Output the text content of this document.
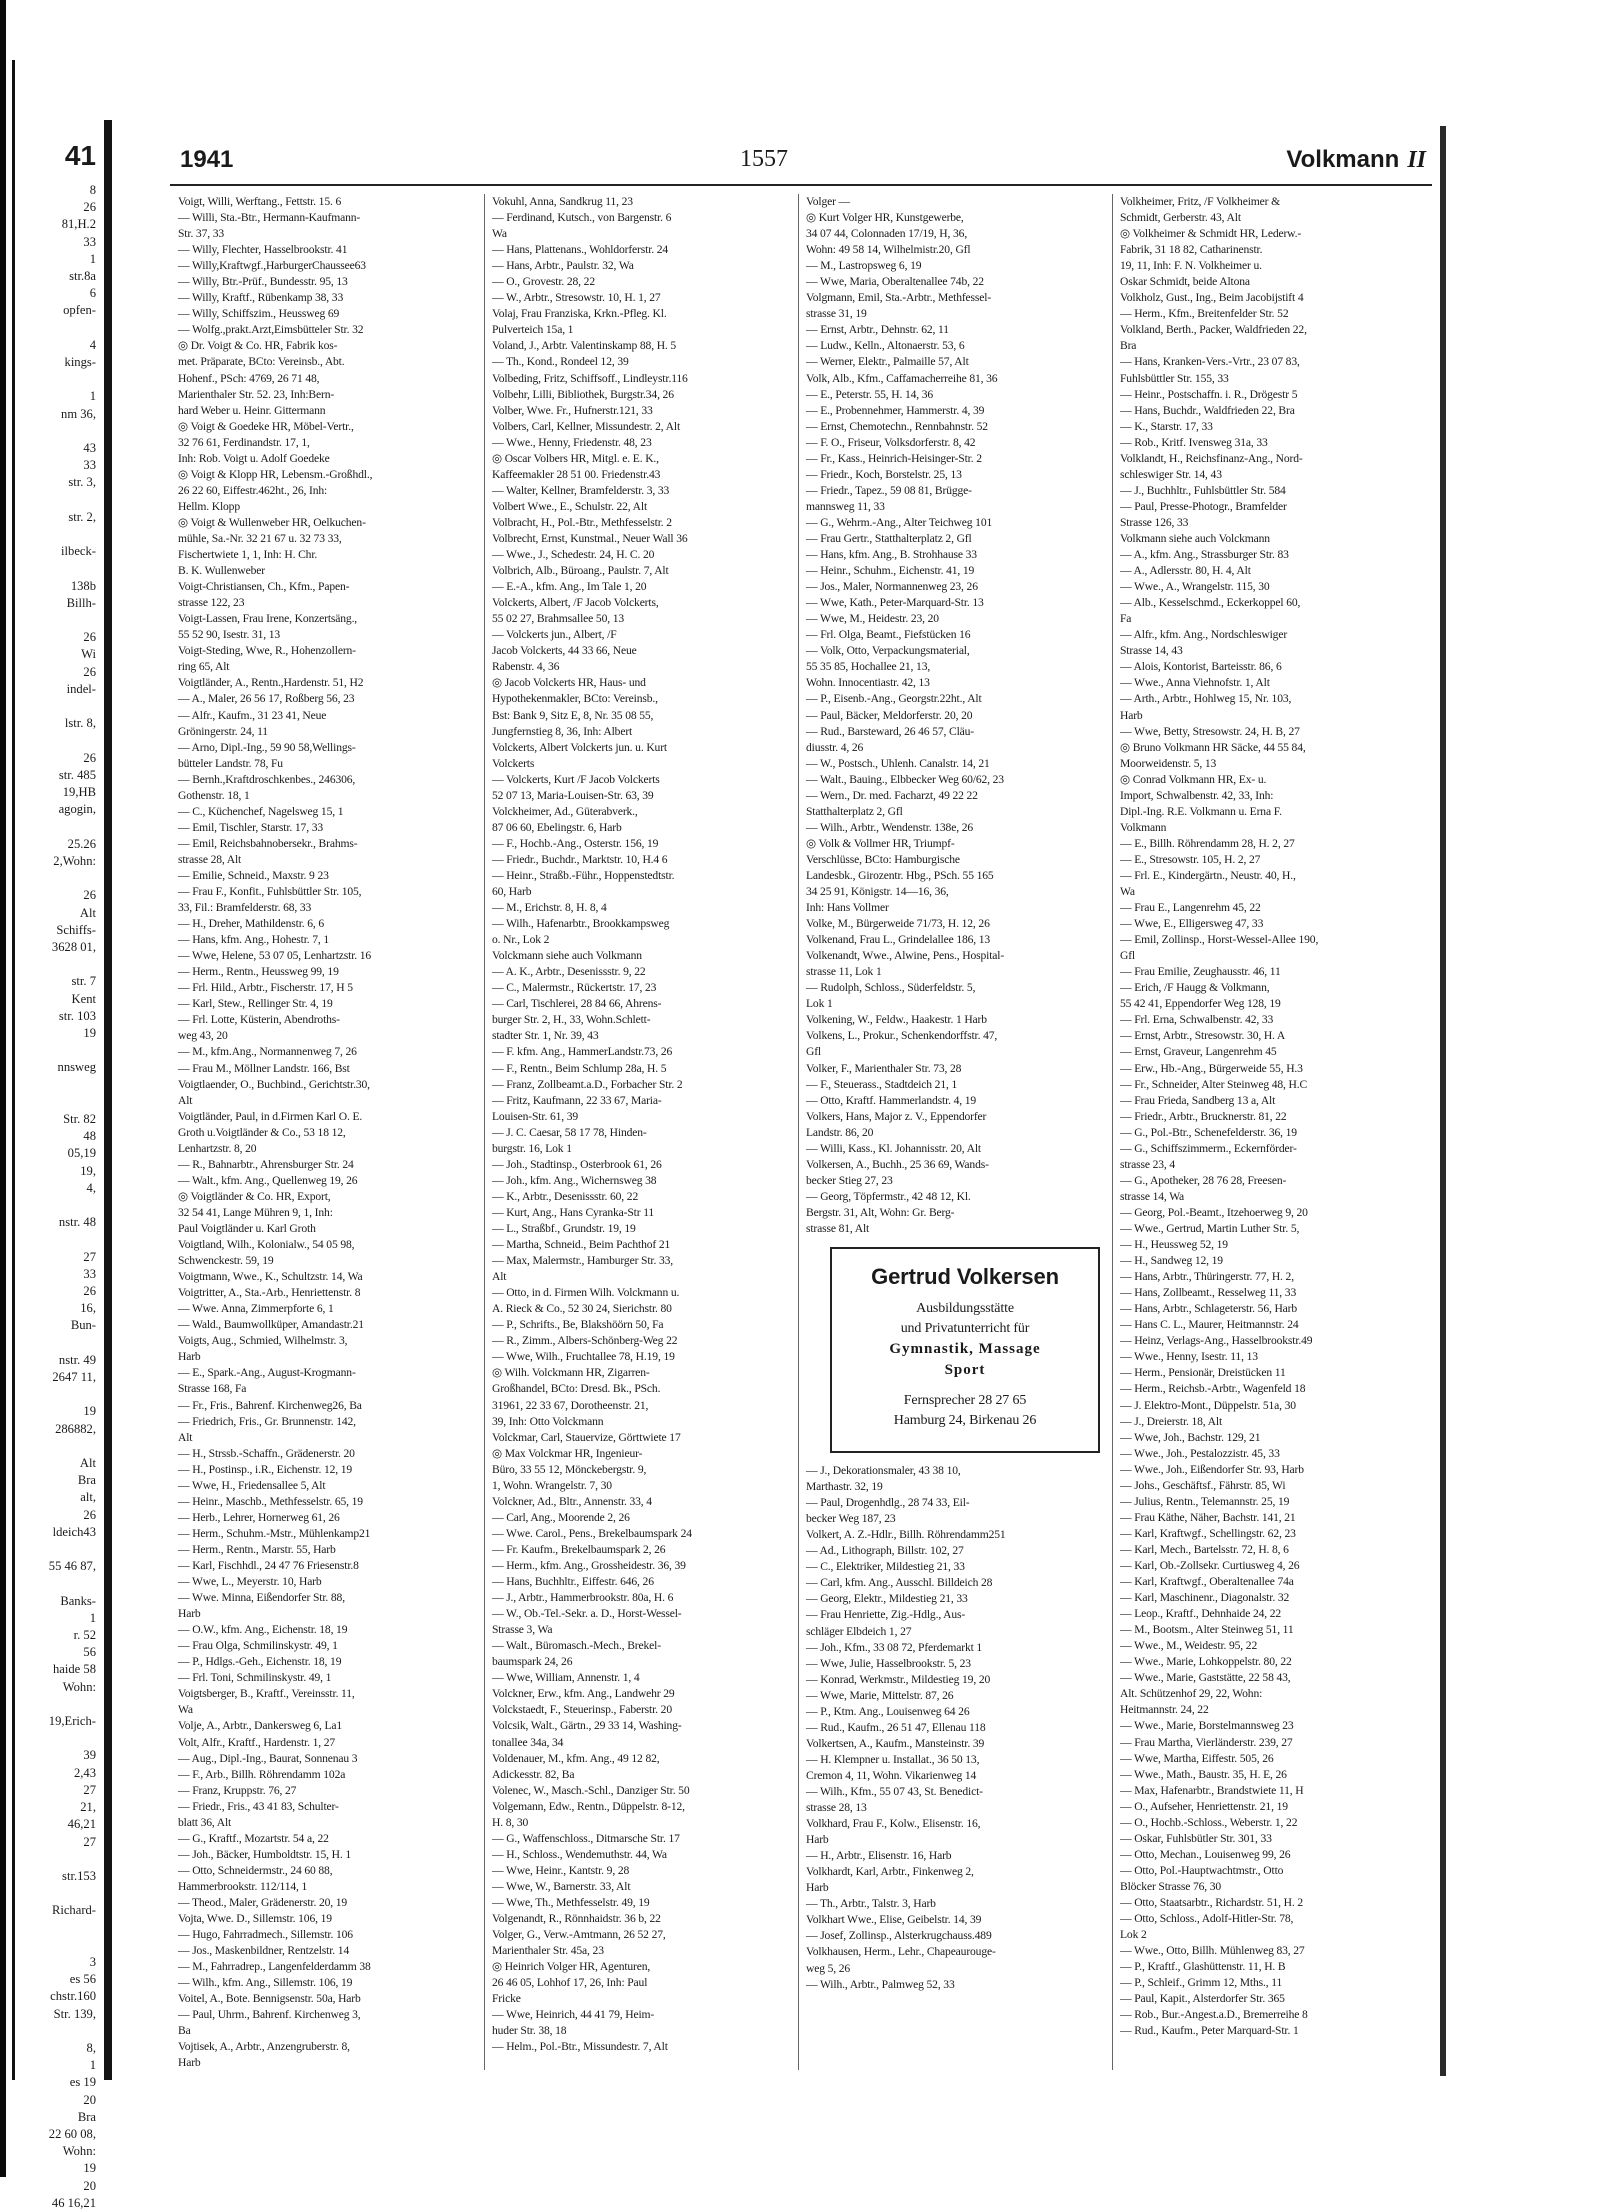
41
8
26
81,H.2
33
1
str.8a
6
opfen-

4
kings-

1
nm 36,

43
33
str. 3,

str. 2,

ilbeck-

138b
Billh-

26
Wi
26
indel-

lstr. 8,

26
str. 485
19,HB
agogin,

25.26
2,Wohn:

26
Alt
Schiffs-
3628 01,

str. 7
Kent
str. 103
19

nnsweg

Str. 82
48
05,19
19,
4,

nstr. 48

27
33
26
16,
Bun-

nstr. 49
2647 11,

19
286882,

Alt
Bra
alt,
26
ldeich43

55 46 87,

Banks-
1
r. 52
56
haide 58
Wohn:

19,Erich-

39
2,43
27
21,
46,21
27

str.153

Richard-

3
es 56
chstr.160
Str. 139,

8,
1
es 19
20
Bra
22 60 08,
Wohn:
19
20
46 16,21
1941	1557	Volkmann II
Voigt, Willi, Werftang., Fettstr. 15. 6
— Willi, Sta.-Btr., Hermann-Kaufmann-
Str. 37, 33
— Willy, Flechter, Hasselbrookstr. 41
— Willy,Kraftwgf.,HarburgerChaussee63
— Willy, Btr.-Prüf., Bundesstr. 95, 13
— Willy, Kraftf., Rübenkamp 38, 33
— Willy, Schiffszim., Heussweg 69
— Wolfg.,prakt.Arzt,Eimsbütteler Str. 32
◎ Dr. Voigt & Co. HR, Fabrik kos-
met. Präparate, BCto: Vereinsb., Abt.
Hohenf., PSch: 4769, 26 71 48,
Marienthaler Str. 52. 23, Inh:Bern-
hard Weber u. Heinr. Gittermann
◎ Voigt & Goedeke HR, Möbel-Vertr.,
32 76 61, Ferdinandstr. 17, 1,
Inh: Rob. Voigt u. Adolf Goedeke
◎ Voigt & Klopp HR, Lebensm.-Großhdl.,
26 22 60, Eiffestr.462ht., 26, Inh:
Hellm. Klopp
◎ Voigt & Wullenweber HR, Oelkuchen-
mühle, Sa.-Nr. 32 21 67 u. 32 73 33,
Fischertwiete 1, 1, Inh: H. Chr.
B. K. Wullenweber
Voigt-Christiansen, Ch., Kfm., Papen-
strasse 122, 23
Voigt-Lassen, Frau Irene, Konzertsäng.,
55 52 90, Isestr. 31, 13
Voigt-Steding, Wwe, R., Hohenzollern-
ring 65, Alt
Voigtländer, A., Rentn.,Hardenstr. 51, H2
— A., Maler, 26 56 17, Roßberg 56, 23
— Alfr., Kaufm., 31 23 41, Neue
Gröningerstr. 24, 11
— Arno, Dipl.-Ing., 59 90 58,Wellings-
bütteler Landstr. 78, Fu
— Bernh.,Kraftdroschkenbes., 246306,
Gothenstr. 18, 1
— C., Küchenchef, Nagelsweg 15, 1
— Emil, Tischler, Starstr. 17, 33
— Emil, Reichsbahnobersekr., Brahms-
strasse 28, Alt
— Emilie, Schneid., Maxstr. 9 23
— Frau F., Konfit., Fuhlsbüttler Str. 105,
33, Fil.: Bramfelderstr. 68, 33
— H., Dreher, Mathildenstr. 6, 6
— Hans, kfm. Ang., Hohestr. 7, 1
— Wwe, Helene, 53 07 05, Lenhartzstr. 16
— Herm., Rentn., Heussweg 99, 19
— Frl. Hild., Arbtr., Fischerstr. 17, H 5
— Karl, Stew., Rellinger Str. 4, 19
— Frl. Lotte, Küsterin, Abendroths-
weg 43, 20
— M., kfm.Ang., Normannenweg 7, 26
— Frau M., Möllner Landstr. 166, Bst
Voigtlaender, O., Buchbind., Gerichtstr.30,
Alt
Voigtländer, Paul, in d.Firmen Karl O. E.
Groth u.Voigtländer & Co., 53 18 12,
Lenhartzstr. 8, 20
— R., Bahnarbtr., Ahrensburger Str. 24
— Walt., kfm. Ang., Quellenweg 19, 26
◎ Voigtländer & Co. HR, Export,
32 54 41, Lange Mühren 9, 1, Inh:
Paul Voigtländer u. Karl Groth
Voigtland, Wilh., Kolonialw., 54 05 98,
Schwenckestr. 59, 19
Voigtmann, Wwe., K., Schultzstr. 14, Wa
Voigtritter, A., Sta.-Arb., Henriettenstr. 8
— Wwe. Anna, Zimmerpforte 6, 1
— Wald., Baumwollküper, Amandastr.21
Voigts, Aug., Schmied, Wilhelmstr. 3,
Harb
— E., Spark.-Ang., August-Krogmann-
Strasse 168, Fa
— Fr., Fris., Bahrenf. Kirchenweg26, Ba
— Friedrich, Fris., Gr. Brunnenstr. 142,
Alt
— H., Strssb.-Schaffn., Grädenerstr. 20
— H., Postinsp., i.R., Eichenstr. 12, 19
— Wwe, H., Friedensallee 5, Alt
— Heinr., Maschb., Methfesselstr. 65, 19
— Herb., Lehrer, Hornerweg 61, 26
— Herm., Schuhm.-Mstr., Mühlenkamp21
— Herm., Rentn., Marstr. 55, Harb
— Karl, Fischhdl., 24 47 76 Friesenstr.8
— Wwe, L., Meyerstr. 10, Harb
— Wwe. Minna, Eißendorfer Str. 88,
Harb
— O.W., kfm. Ang., Eichenstr. 18, 19
— Frau Olga, Schmilinskystr. 49, 1
— P., Hdlgs.-Geh., Eichenstr. 18, 19
— Frl. Toni, Schmilinskystr. 49, 1
Voigtsberger, B., Kraftf., Vereinsstr. 11,
Wa
Volje, A., Arbtr., Dankersweg 6, La1
Volt, Alfr., Kraftf., Hardenstr. 1, 27
— Aug., Dipl.-Ing., Baurat, Sonnenau 3
— F., Arb., Billh. Röhrendamm 102a
— Franz, Kruppstr. 76, 27
— Friedr., Fris., 43 41 83, Schulter-
blatt 36, Alt
— G., Kraftf., Mozartstr. 54 a, 22
— Joh., Bäcker, Humboldtstr. 15, H. 1
— Otto, Schneidermstr., 24 60 88,
Hammerbrookstr. 112/114, 1
— Theod., Maler, Grädenerstr. 20, 19
Vojta, Wwe. D., Sillemstr. 106, 19
— Hugo, Fahrradmech., Sillemstr. 106
— Jos., Maskenbildner, Rentzelstr. 14
— M., Fahrradrep., Langenfelderdamm 38
— Wilh., kfm. Ang., Sillemstr. 106, 19
Voitel, A., Bote. Bennigsenstr. 50a, Harb
— Paul, Uhrm., Bahrenf. Kirchenweg 3,
Ba
Vojtisek, A., Arbtr., Anzengruberstr. 8,
Harb
Vokuhl, Anna, Sandkrug 11, 23
— Ferdinand, Kutsch., von Bargenstr. 6
Wa
— Hans, Plattenans., Wohldorferstr. 24
— Hans, Arbtr., Paulstr. 32, Wa
— O., Grovestr. 28, 22
— W., Arbtr., Stresowstr. 10, H. 1, 27
Volaj, Frau Franziska, Krkn.-Pfleg. Kl.
Pulverteich 15a, 1
Voland, J., Arbtr. Valentinskamp 88, H. 5
— Th., Kond., Rondeel 12, 39
Volbeding, Fritz, Schiffsoff., Lindleystr.116
Volbehr, Lilli, Bibliothek, Burgstr.34, 26
Volber, Wwe. Fr., Hufnerstr.121, 33
Volbers, Carl, Kellner, Missundestr. 2, Alt
— Wwe., Henny, Friedenstr. 48, 23
◎ Oscar Volbers HR, Mitgl. e. E. K.,
Kaffeemakler 28 51 00. Friedenstr.43
— Walter, Kellner, Bramfelderstr. 3, 33
Volbert Wwe., E., Schulstr. 22, Alt
Volbracht, H., Pol.-Btr., Methfesselstr. 2
Volbrecht, Ernst, Kunstmal., Neuer Wall 36
— Wwe., J., Schedestr. 24, H. C. 20
Volbrich, Alb., Büroang., Paulstr. 7, Alt
— E.-A., kfm. Ang., Im Tale 1, 20
Volckerts, Albert, /F Jacob Volckerts,
55 02 27, Brahmsallee 50, 13
— Volckerts jun., Albert, /F
Jacob Volckerts, 44 33 66, Neue
Rabenstr. 4, 36
◎ Jacob Volckerts HR, Haus- und
Hypothekenmakler, BCto: Vereinsb.,
Bst: Bank 9, Sitz E, 8, Nr. 35 08 55,
Jungfernstieg 8, 36, Inh: Albert
Volckerts, Albert Volckerts jun. u. Kurt
Volckerts
— Volckerts, Kurt /F Jacob Volckerts
52 07 13, Maria-Louisen-Str. 63, 39
Volckheimer, Ad., Güterabverk.,
87 06 60, Ebelingstr. 6, Harb
— F., Hochb.-Ang., Osterstr. 156, 19
— Friedr., Buchdr., Marktstr. 10, H.4 6
— Heinr., Straßb.-Führ., Hoppenstedtstr.
60, Harb
— M., Erichstr. 8, H. 8, 4
— Wilh., Hafenarbtr., Brookkampsweg
o. Nr., Lok 2
Volckmann siehe auch Volkmann
— A. K., Arbtr., Desenissstr. 9, 22
— C., Malermstr., Rückertstr. 17, 23
— Carl, Tischlerei, 28 84 66, Ahrens-
burger Str. 2, H., 33, Wohn.Schlett-
stadter Str. 1, Nr. 39, 43
— F. kfm. Ang., HammerLandstr.73, 26
— F., Rentn., Beim Schlump 28a, H. 5
— Franz, Zollbeamt.a.D., Forbacher Str. 2
— Fritz, Kaufmann, 22 33 67, Maria-
Louisen-Str. 61, 39
— J. C. Caesar, 58 17 78, Hinden-
burgstr. 16, Lok 1
— Joh., Stadtinsp., Osterbrook 61, 26
— Joh., kfm. Ang., Wichernsweg 38
— K., Arbtr., Desenissstr. 60, 22
— Kurt, Ang., Hans Cyranka-Str 11
— L., Straßbf., Grundstr. 19, 19
— Martha, Schneid., Beim Pachthof 21
— Max, Malermstr., Hamburger Str. 33,
Alt
— Otto, in d. Firmen Wilh. Volckmann u.
A. Rieck & Co., 52 30 24, Sierichstr. 80
— P., Schrifts., Be, Blakshöörn 50, Fa
— R., Zimm., Albers-Schönberg-Weg 22
— Wwe, Wilh., Fruchtallee 78, H.19, 19
◎ Wilh. Volckmann HR, Zigarren-
Großhandel, BCto: Dresd. Bk., PSch.
31961, 22 33 67, Dorotheenstr. 21,
39, Inh: Otto Volckmann
Volckmar, Carl, Stauervize, Görttwiete 17
◎ Max Volckmar HR, Ingenieur-
Büro, 33 55 12, Mönckebergstr. 9,
1, Wohn. Wrangelstr. 7, 30
Volckner, Ad., Bltr., Annenstr. 33, 4
— Carl, Ang., Moorende 2, 26
— Wwe. Carol., Pens., Brekelbaumspark 24
— Fr. Kaufm., Brekelbaumspark 2, 26
— Herm., kfm. Ang., Grossheidestr. 36, 39
— Hans, Buchhltr., Eiffestr. 646, 26
— J., Arbtr., Hammerbrookstr. 80a, H. 6
— W., Ob.-Tel.-Sekr. a. D., Horst-Wessel-
Strasse 3, Wa
— Walt., Büromasch.-Mech., Brekel-
baumspark 24, 26
— Wwe, William, Annenstr. 1, 4
Volckner, Erw., kfm. Ang., Landwehr 29
Volckstaedt, F., Steuerinsp., Faberstr. 20
Volcsik, Walt., Gärtn., 29 33 14, Washing-
tonallee 34a, 34
Voldenauer, M., kfm. Ang., 49 12 82,
Adickesstr. 82, Ba
Volenec, W., Masch.-Schl., Danziger Str. 50
Volgemann, Edw., Rentn., Düppelstr. 8-12,
H. 8, 30
— G., Waffenschloss., Ditmarsche Str. 17
— H., Schloss., Wendemuthstr. 44, Wa
— Wwe, Heinr., Kantstr. 9, 28
— Wwe, W., Barnerstr. 33, Alt
— Wwe, Th., Methfesselstr. 49, 19
Volgenandt, R., Rönnhaidstr. 36 b, 22
Volger, G., Verw.-Amtmann, 26 52 27,
Marienthaler Str. 45a, 23
◎ Heinrich Volger HR, Agenturen,
26 46 05, Lohhof 17, 26, Inh: Paul
Fricke
— Wwe, Heinrich, 44 41 79, Heim-
huder Str. 38, 18
— Helm., Pol.-Btr., Missundestr. 7, Alt
Volger —
◎ Kurt Volger HR, Kunstgewerbe,
34 07 44, Colonnaden 17/19, H, 36,
Wohn: 49 58 14, Wilhelmistr.20, Gfl
— M., Lastropsweg 6, 19
— Wwe, Maria, Oberaltenallee 74b, 22
Volgmann, Emil, Sta.-Arbtr., Methfessel-
strasse 31, 19
— Ernst, Arbtr., Dehnstr. 62, 11
— Ludw., Kelln., Altonaerstr. 53, 6
— Werner, Elektr., Palmaille 57, Alt
Volk, Alb., Kfm., Caffamacherreihe 81, 36
— E., Peterstr. 55, H. 14, 36
— E., Probennehmer, Hammerstr. 4, 39
— Ernst, Chemotechn., Rennbahnstr. 52
— F. O., Friseur, Volksdorferstr. 8, 42
— Fr., Kass., Heinrich-Heisinger-Str. 2
— Friedr., Koch, Borstelstr. 25, 13
— Friedr., Tapez., 59 08 81, Brügge-
mannsweg 11, 33
— G., Wehrm.-Ang., Alter Teichweg 101
— Frau Gertr., Statthalterplatz 2, Gfl
— Hans, kfm. Ang., B. Strohhause 33
— Heinr., Schuhm., Eichenstr. 41, 19
— Jos., Maler, Normannenweg 23, 26
— Wwe, Kath., Peter-Marquard-Str. 13
— Wwe, M., Heidestr. 23, 20
— Frl. Olga, Beamt., Fiefstücken 16
— Volk, Otto, Verpackungsmaterial,
55 35 85, Hochallee 21, 13,
Wohn. Innocentiastr. 42, 13
— P., Eisenb.-Ang., Georgstr.22ht., Alt
— Paul, Bäcker, Meldorferstr. 20, 20
— Rud., Barsteward, 26 46 57, Cläu-
diusstr. 4, 26
— W., Postsch., Uhlenh. Canalstr. 14, 21
— Walt., Bauing., Elbbecker Weg 60/62, 23
— Wern., Dr. med. Facharzt, 49 22 22
Statthalterplatz 2, Gfl
— Wilh., Arbtr., Wendenstr. 138e, 26
◎ Volk & Vollmer HR, Triumpf-
Verschlüsse, BCto: Hamburgische
Landesbk., Girozentr. Hbg., PSch. 55 165
34 25 91, Königstr. 14—16, 36,
Inh: Hans Vollmer
Volke, M., Bürgerweide 71/73, H. 12, 26
Volkenand, Frau L., Grindelallee 186, 13
Volkenandt, Wwe., Alwine, Pens., Hospital-
strasse 11, Lok 1
— Rudolph, Schloss., Süderfeldstr. 5,
Lok 1
Volkening, W., Feldw., Haakestr. 1 Harb
Volkens, L., Prokur., Schenkendorffstr. 47,
Gfl
Volker, F., Marienthaler Str. 73, 28
— F., Steuerass., Stadtdeich 21, 1
— Otto, Kraftf. Hammerlandstr. 4, 19
Volkers, Hans, Major z. V., Eppendorfer
Landstr. 86, 20
— Willi, Kass., Kl. Johannisstr. 20, Alt
Volkersen, A., Buchh., 25 36 69, Wands-
becker Stieg 27, 23
— Georg, Töpfermstr., 42 48 12, Kl.
Bergstr. 31, Alt, Wohn: Gr. Berg-
strasse 81, Alt
Gertrud Volkersen
Ausbildungsstätte
und Privatunterricht für
Gymnastik, Massage
Sport
Fernsprecher 28 27 65
Hamburg 24, Birkenau 26
— J., Dekorationsmaler, 43 38 10,
Marthastr. 32, 19
— Paul, Drogenhdlg., 28 74 33, Eil-
becker Weg 187, 23
Volkert, A. Z.-Hdlr., Billh. Röhrendamm251
— Ad., Lithograph, Billstr. 102, 27
— C., Elektriker, Mildestieg 21, 33
— Carl, kfm. Ang., Ausschl. Billdeich 28
— Georg, Elektr., Mildestieg 21, 33
— Frau Henriette, Zig.-Hdlg., Aus-
schläger Elbdeich 1, 27
— Joh., Kfm., 33 08 72, Pferdemarkt 1
— Wwe, Julie, Hasselbrookstr. 5, 23
— Konrad, Werkmstr., Mildestieg 19, 20
— Wwe, Marie, Mittelstr. 87, 26
— P., Ktm. Ang., Louisenweg 64 26
— Rud., Kaufm., 26 51 47, Ellenau 118
Volkertsen, A., Kaufm., Mansteinstr. 39
— H. Klempner u. Installat., 36 50 13,
Cremon 4, 11, Wohn. Vikarienweg 14
— Wilh., Kfm., 55 07 43, St. Benedict-
strasse 28, 13
Volkhard, Frau F., Kolw., Elisenstr. 16,
Harb
— H., Arbtr., Elisenstr. 16, Harb
Volkhardt, Karl, Arbtr., Finkenweg 2,
Harb
— Th., Arbtr., Talstr. 3, Harb
Volkhart Wwe., Elise, Geibelstr. 14, 39
— Josef, Zollinsp., Alsterkrugchauss.489
Volkhausen, Herm., Lehr., Chapeaurouge-
weg 5, 26
— Wilh., Arbtr., Palmweg 52, 33
Volkheimer, Fritz, /F Volkheimer &
Schmidt, Gerberstr. 43, Alt
◎ Volkheimer & Schmidt HR, Lederw.-
Fabrik, 31 18 82, Catharinenstr.
19, 11, Inh: F. N. Volkheimer u.
Oskar Schmidt, beide Altona
Volkholz, Gust., Ing., Beim Jacobijstift 4
— Herm., Kfm., Breitenfelder Str. 52
Volkland, Berth., Packer, Waldfrieden 22,
Bra
— Hans, Kranken-Vers.-Vrtr., 23 07 83,
Fuhlsbüttler Str. 155, 33
— Heinr., Postschaffn. i. R., Drögestr 5
— Hans, Buchdr., Waldfrieden 22, Bra
— K., Starstr. 17, 33
— Rob., Kritf. Ivensweg 31a, 33
Volklandt, H., Reichsfinanz-Ang., Nord-
schleswiger Str. 14, 43
— J., Buchhltr., Fuhlsbüttler Str. 584
— Paul, Presse-Photogr., Bramfelder
Strasse 126, 33
Volkmann siehe auch Volckmann
— A., kfm. Ang., Strassburger Str. 83
— A., Adlersstr. 80, H. 4, Alt
— Wwe., A., Wrangelstr. 115, 30
— Alb., Kesselschmd., Eckerkoppel 60,
Fa
— Alfr., kfm. Ang., Nordschleswiger
Strasse 14, 43
— Alois, Kontorist, Barteisstr. 86, 6
— Wwe., Anna Viehnofstr. 1, Alt
— Arth., Arbtr., Hohlweg 15, Nr. 103,
Harb
— Wwe, Betty, Stresowstr. 24, H. B, 27
◎ Bruno Volkmann HR Säcke, 44 55 84,
Moorweidenstr. 5, 13
◎ Conrad Volkmann HR, Ex- u.
Import, Schwalbenstr. 42, 33, Inh:
Dipl.-Ing. R.E. Volkmann u. Erna F.
Volkmann
— E., Billh. Röhrendamm 28, H. 2, 27
— E., Stresowstr. 105, H. 2, 27
— Frl. E., Kindergärtn., Neustr. 40, H.,
Wa
— Frau E., Langenrehm 45, 22
— Wwe, E., Elligersweg 47, 33
— Emil, Zollinsp., Horst-Wessel-Allee 190,
Gfl
— Frau Emilie, Zeughausstr. 46, 11
— Erich, /F Haugg & Volkmann,
55 42 41, Eppendorfer Weg 128, 19
— Frl. Erna, Schwalbenstr. 42, 33
— Ernst, Arbtr., Stresowstr. 30, H. A
— Ernst, Graveur, Langenrehm 45
— Erw., Hb.-Ang., Bürgerweide 55, H.3
— Fr., Schneider, Alter Steinweg 48, H.C
— Frau Frieda, Sandberg 13 a, Alt
— Friedr., Arbtr., Brucknerstr. 81, 22
— G., Pol.-Btr., Schenefelderstr. 36, 19
— G., Schiffszimmerm., Eckernförder-
strasse 23, 4
— G., Apotheker, 28 76 28, Freesen-
strasse 14, Wa
— Georg, Pol.-Beamt., Itzehoerweg 9, 20
— Wwe., Gertrud, Martin Luther Str. 5,
— H., Heussweg 52, 19
— H., Sandweg 12, 19
— Hans, Arbtr., Thüringerstr. 77, H. 2,
— Hans, Zollbeamt., Resselweg 11, 33
— Hans, Arbtr., Schlageterstr. 56, Harb
— Hans C. L., Maurer, Heitmannstr. 24
— Heinz, Verlags-Ang., Hasselbrookstr.49
— Wwe., Henny, Isestr. 11, 13
— Herm., Pensionär, Dreistücken 11
— Herm., Reichsb.-Arbtr., Wagenfeld 18
— J. Elektro-Mont., Düppelstr. 51a, 30
— J., Dreierstr. 18, Alt
— Wwe, Joh., Bachstr. 129, 21
— Wwe., Joh., Pestalozzistr. 45, 33
— Wwe., Joh., Eißendorfer Str. 93, Harb
— Johs., Geschäftsf., Fährstr. 85, Wi
— Julius, Rentn., Telemannstr. 25, 19
— Frau Käthe, Näher, Bachstr. 141, 21
— Karl, Kraftwgf., Schellingstr. 62, 23
— Karl, Mech., Bartelsstr. 72, H. 8, 6
— Karl, Ob.-Zollsekr. Curtiusweg 4, 26
— Karl, Kraftwgf., Oberaltenallee 74a
— Karl, Maschinenr., Diagonalstr. 32
— Leop., Kraftf., Dehnhaide 24, 22
— M., Bootsm., Alter Steinweg 51, 11
— Wwe., M., Weidestr. 95, 22
— Wwe., Marie, Lohkoppelstr. 80, 22
— Wwe., Marie, Gaststätte, 22 58 43,
Alt. Schützenhof 29, 22, Wohn:
Heitmannstr. 24, 22
— Wwe., Marie, Borstelmannsweg 23
— Frau Martha, Vierländerstr. 239, 27
— Wwe, Martha, Eiffestr. 505, 26
— Wwe., Math., Baustr. 35, H. E, 26
— Max, Hafenarbtr., Brandstwiete 11, H
— O., Aufseher, Henriettenstr. 21, 19
— O., Hochb.-Schloss., Weberstr. 1, 22
— Oskar, Fuhlsbütler Str. 301, 33
— Otto, Mechan., Louisenweg 99, 26
— Otto, Pol.-Hauptwachtmstr., Otto
Blöcker Strasse 76, 30
— Otto, Staatsarbtr., Richardstr. 51, H. 2
— Otto, Schloss., Adolf-Hitler-Str. 78,
Lok 2
— Wwe., Otto, Billh. Mühlenweg 83, 27
— P., Kraftf., Glashüttenstr. 11, H. B
— P., Schleif., Grimm 12, Mths., 11
— Paul, Kapit., Alsterdorfer Str. 365
— Rob., Bur.-Angest.a.D., Bremerreihe 8
— Rud., Kaufm., Peter Marquard-Str. 1
